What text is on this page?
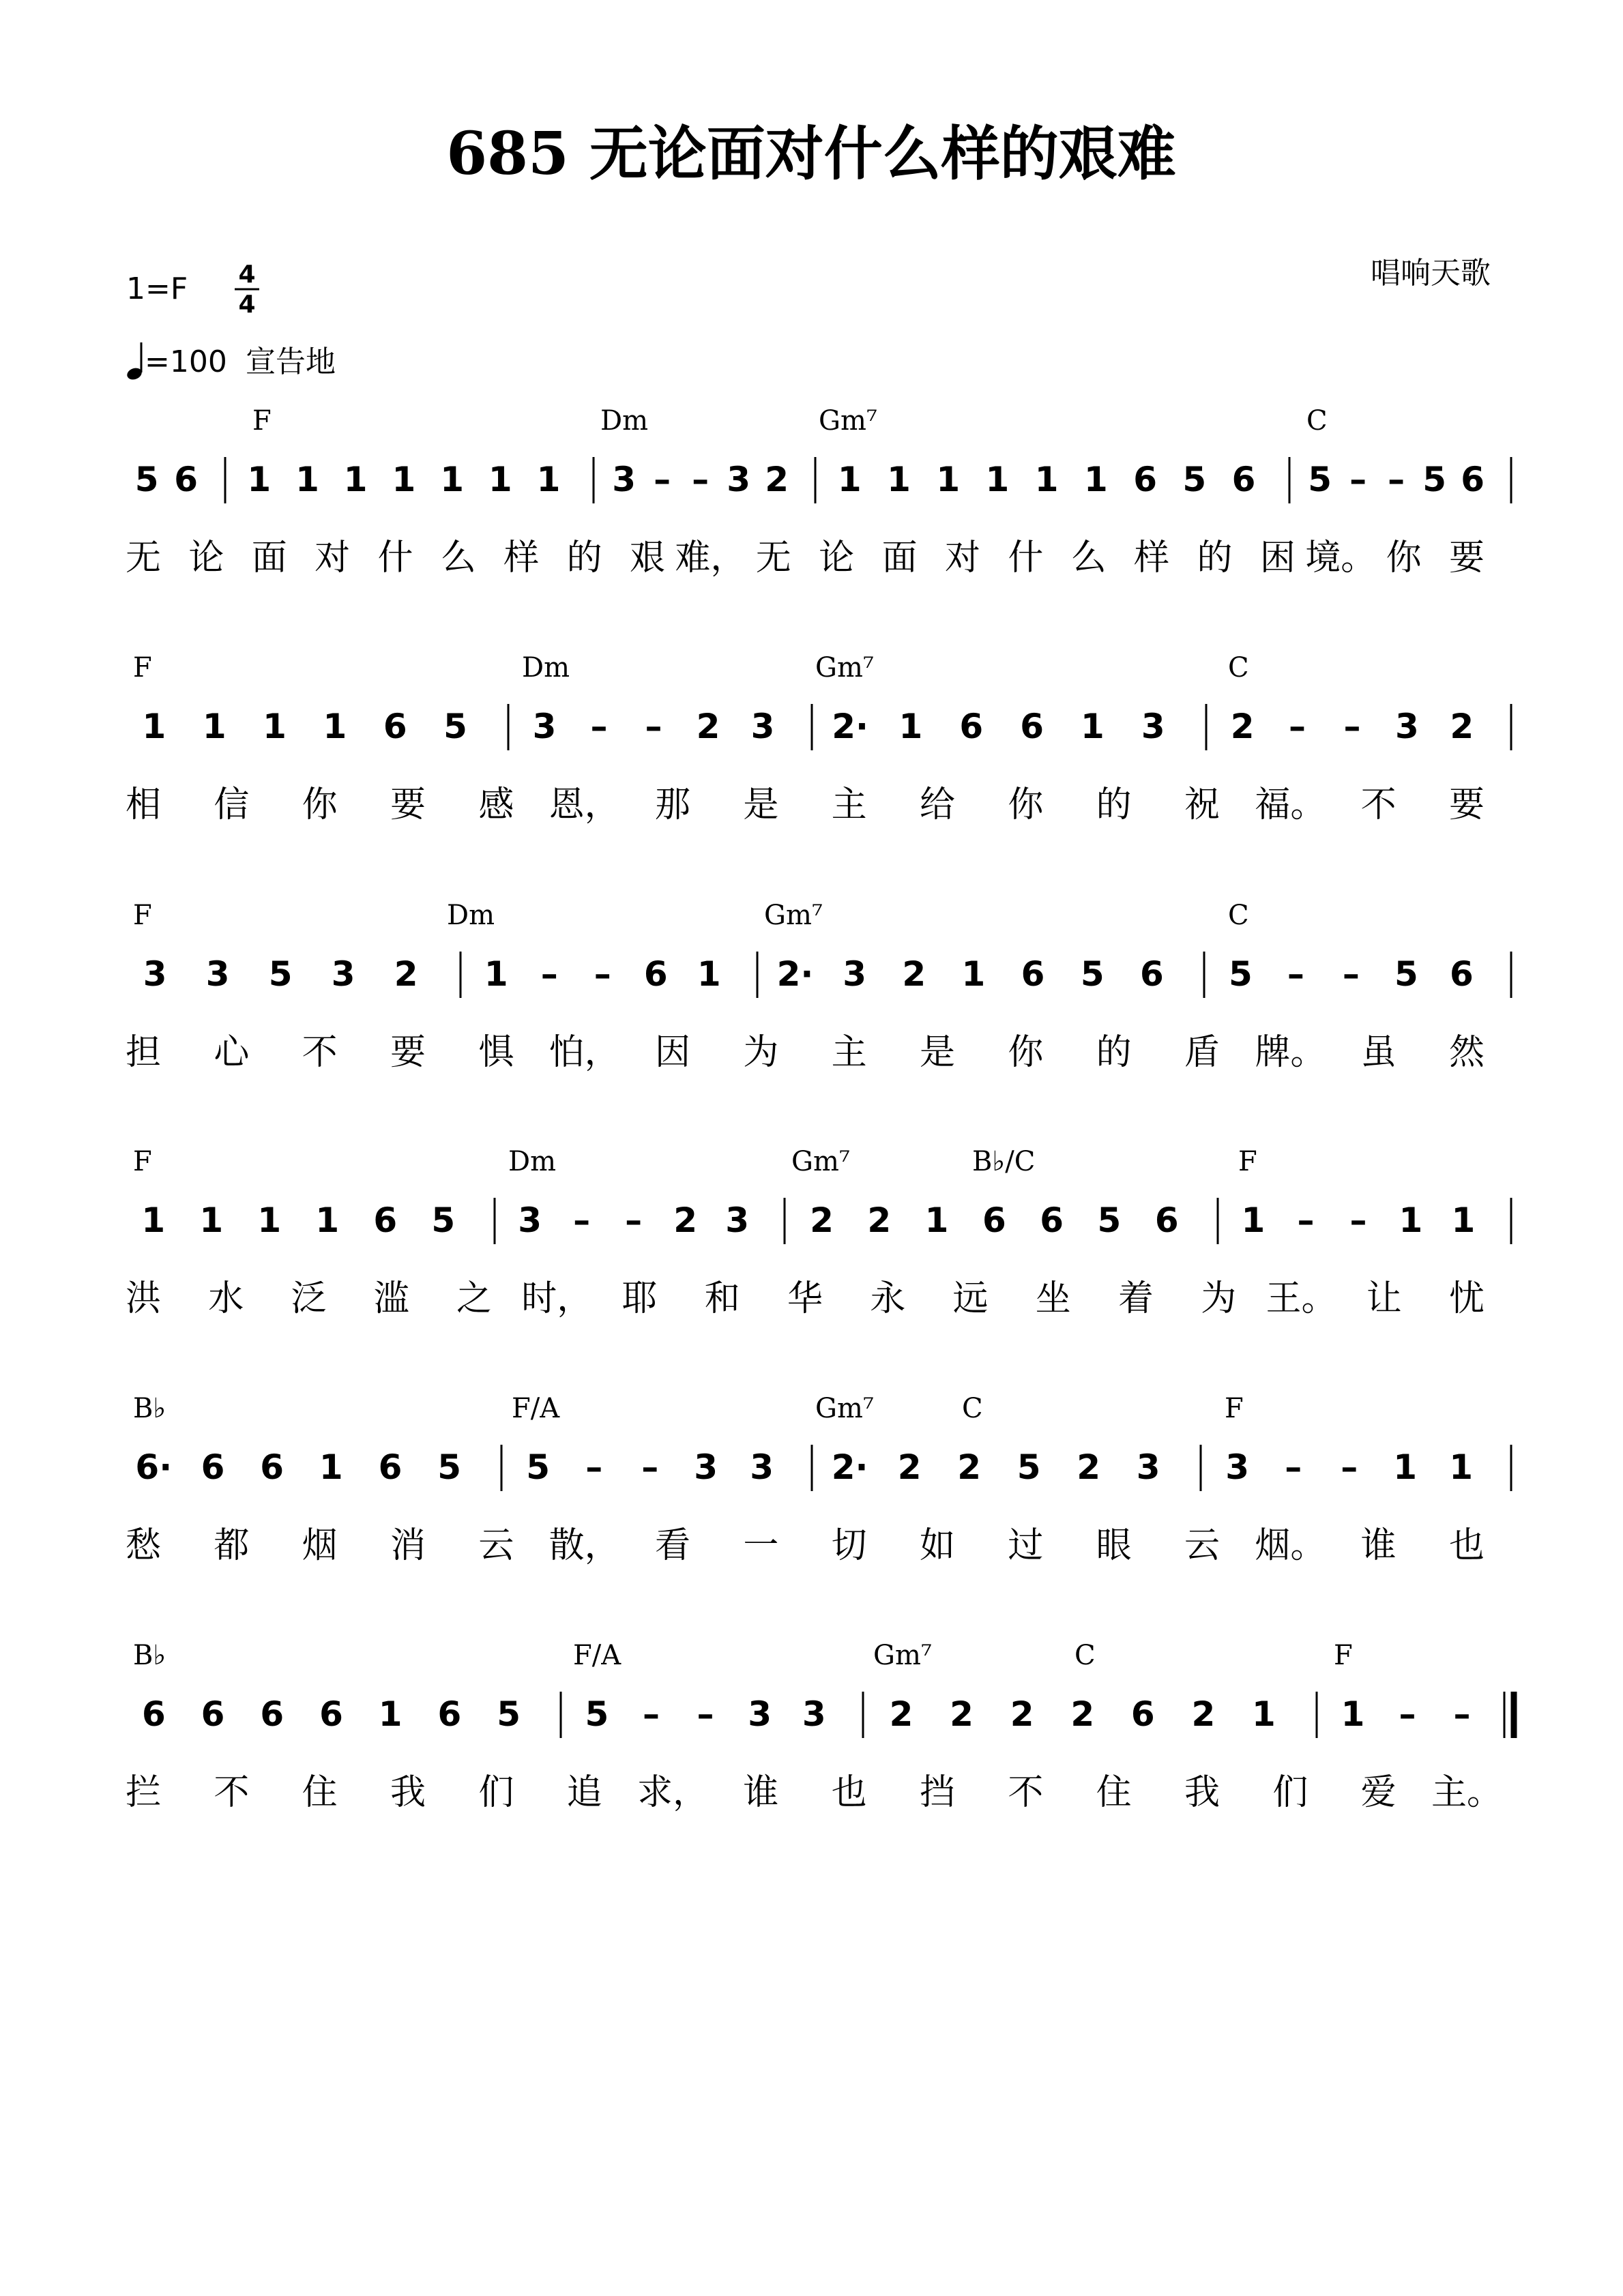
685 无论面对什么样的艰难
唱响天歌
1=F 4
4
=100 宣告地
F	Dm	Gm⁷	C
5 6 1 1 1 1 1 1 1 3 – – 3 2 1 1 1 1 1 1 6 5 6 5 – – 5 6
无 论 面 对 什 么 样 的 艰 难， 无 论 面 对 什 么 样 的 困 境。 你 要
F	Dm	Gm⁷	C
1 1 1 1 6 5 3 – – 2 3 2· 1 6 6 1 3 2 – – 3 2
相 信 你 要 感 恩， 那 是 主 给 你 的 祝 福。 不 要
F	Dm	Gm⁷	C
3 3 5 3 2 1 – – 6 1 2· 3 2 1 6 5 6 5 – – 5 6
担 心 不 要 惧 怕， 因 为 主 是 你 的 盾 牌。 虽 然
F	Dm	Gm⁷	B♭/C	F
1 1 1 1 6 5 3 – – 2 3 2 2 1 6 6 5 6 1 – – 1 1
洪 水 泛 滥 之 时， 耶 和 华 永 远 坐 着 为 王。 让 忧
B♭	F/A	Gm⁷	C	F
6· 6 6 1 6 5 5 – – 3 3 2· 2 2 5 2 3 3 – – 1 1
愁 都 烟 消 云 散， 看 一 切 如 过 眼 云 烟。 谁 也
B♭	F/A	Gm⁷	C	F
6 6 6 6 1 6 5 5 – – 3 3 2 2 2 2 6 2 1 1 – –
拦 不 住 我 们 追 求， 谁 也 挡 不 住 我 们 爱 主。
